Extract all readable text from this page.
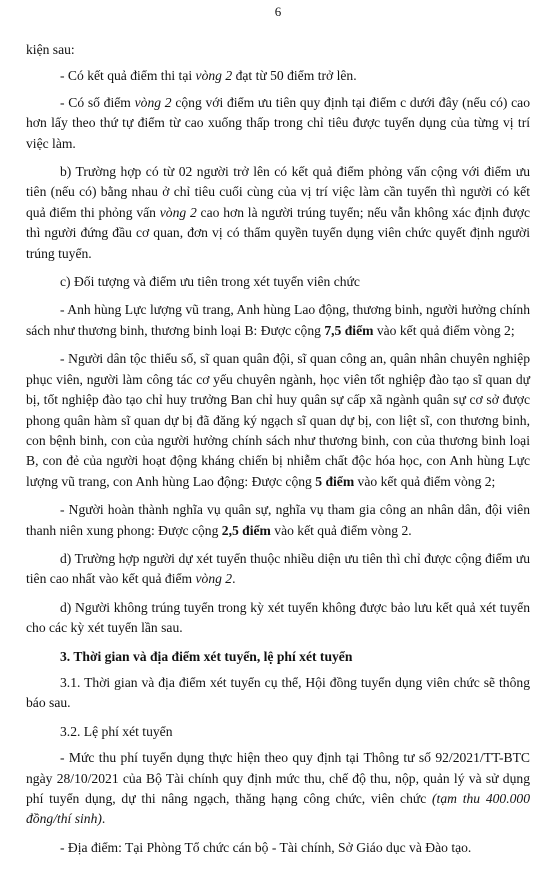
6

kiện sau:

- Có kết quả điểm thi tại vòng 2 đạt từ 50 điểm trở lên.

- Có số điểm vòng 2 cộng với điểm ưu tiên quy định tại điểm c dưới đây (nếu có) cao hơn lấy theo thứ tự điểm từ cao xuống thấp trong chỉ tiêu được tuyển dụng của từng vị trí việc làm.

b) Trường hợp có từ 02 người trở lên có kết quả điểm phỏng vấn cộng với điểm ưu tiên (nếu có) bằng nhau ở chỉ tiêu cuối cùng của vị trí việc làm cần tuyển thì người có kết quả điểm thi phỏng vấn vòng 2 cao hơn là người trúng tuyển; nếu vẫn không xác định được thì người đứng đầu cơ quan, đơn vị có thẩm quyền tuyển dụng viên chức quyết định người trúng tuyển.

c) Đối tượng và điểm ưu tiên trong xét tuyển viên chức

- Anh hùng Lực lượng vũ trang, Anh hùng Lao động, thương binh, người hưởng chính sách như thương binh, thương binh loại B: Được cộng 7,5 điểm vào kết quả điểm vòng 2;

- Người dân tộc thiểu số, sĩ quan quân đội, sĩ quan công an, quân nhân chuyên nghiệp phục viên, người làm công tác cơ yếu chuyên ngành, học viên tốt nghiệp đào tạo sĩ quan dự bị, tốt nghiệp đào tạo chỉ huy trưởng Ban chỉ huy quân sự cấp xã ngành quân sự cơ sở được phong quân hàm sĩ quan dự bị đã đăng ký ngạch sĩ quan dự bị, con liệt sĩ, con thương binh, con bệnh binh, con của người hưởng chính sách như thương binh, con của thương binh loại B, con đẻ của người hoạt động kháng chiến bị nhiễm chất độc hóa học, con Anh hùng Lực lượng vũ trang, con Anh hùng Lao động: Được cộng 5 điểm vào kết quả điểm vòng 2;

- Người hoàn thành nghĩa vụ quân sự, nghĩa vụ tham gia công an nhân dân, đội viên thanh niên xung phong: Được cộng 2,5 điểm vào kết quả điểm vòng 2.

d) Trường hợp người dự xét tuyển thuộc nhiều diện ưu tiên thì chỉ được cộng điểm ưu tiên cao nhất vào kết quả điểm vòng 2.

d) Người không trúng tuyển trong kỳ xét tuyển không được bảo lưu kết quả xét tuyển cho các kỳ xét tuyển lần sau.

3. Thời gian và địa điểm xét tuyển, lệ phí xét tuyển

3.1. Thời gian và địa điểm xét tuyển cụ thể, Hội đồng tuyển dụng viên chức sẽ thông báo sau.

3.2. Lệ phí xét tuyển

- Mức thu phí tuyển dụng thực hiện theo quy định tại Thông tư số 92/2021/TT-BTC ngày 28/10/2021 của Bộ Tài chính quy định mức thu, chế độ thu, nộp, quản lý và sử dụng phí tuyển dụng, dự thi nâng ngạch, thăng hạng công chức, viên chức (tạm thu 400.000 đồng/thí sinh).

- Địa điểm: Tại Phòng Tổ chức cán bộ - Tài chính, Sở Giáo dục và Đào tạo.
